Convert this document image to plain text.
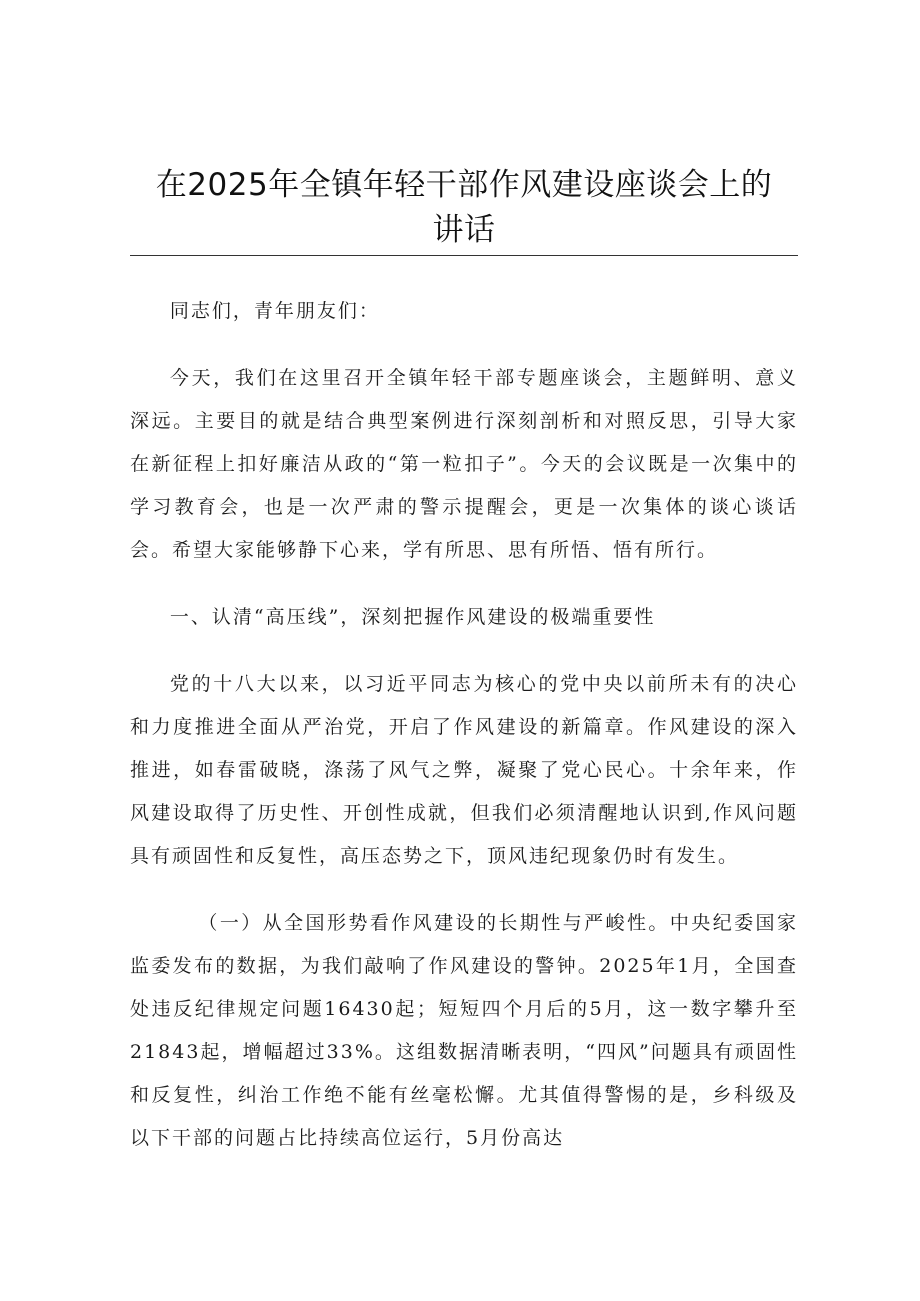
在2025年全镇年轻干部作风建设座谈会上的
讲话

同志们，青年朋友们：

今天，我们在这里召开全镇年轻干部专题座谈会，主题鲜明、意义深远。主要目的就是结合典型案例进行深刻剖析和对照反思，引导大家在新征程上扣好廉洁从政的“第一粒扣子”。今天的会议既是一次集中的学习教育会，也是一次严肃的警示提醒会，更是一次集体的谈心谈话会。希望大家能够静下心来，学有所思、思有所悟、悟有所行。

一、认清“高压线”，深刻把握作风建设的极端重要性

党的十八大以来，以习近平同志为核心的党中央以前所未有的决心和力度推进全面从严治党，开启了作风建设的新篇章。作风建设的深入推进，如春雷破晓，涤荡了风气之弊，凝聚了党心民心。十余年来，作风建设取得了历史性、开创性成就，但我们必须清醒地认识到,作风问题具有顽固性和反复性，高压态势之下，顶风违纪现象仍时有发生。

（一）从全国形势看作风建设的长期性与严峻性。中央纪委国家监委发布的数据，为我们敲响了作风建设的警钟。2025年1月，全国查处违反纪律规定问题16430起；短短四个月后的5月，这一数字攀升至21843起，增幅超过33%。这组数据清晰表明，“四风”问题具有顽固性和反复性，纠治工作绝不能有丝毫松懈。尤其值得警惕的是，乡科级及以下干部的问题占比持续高位运行，5月份高达
